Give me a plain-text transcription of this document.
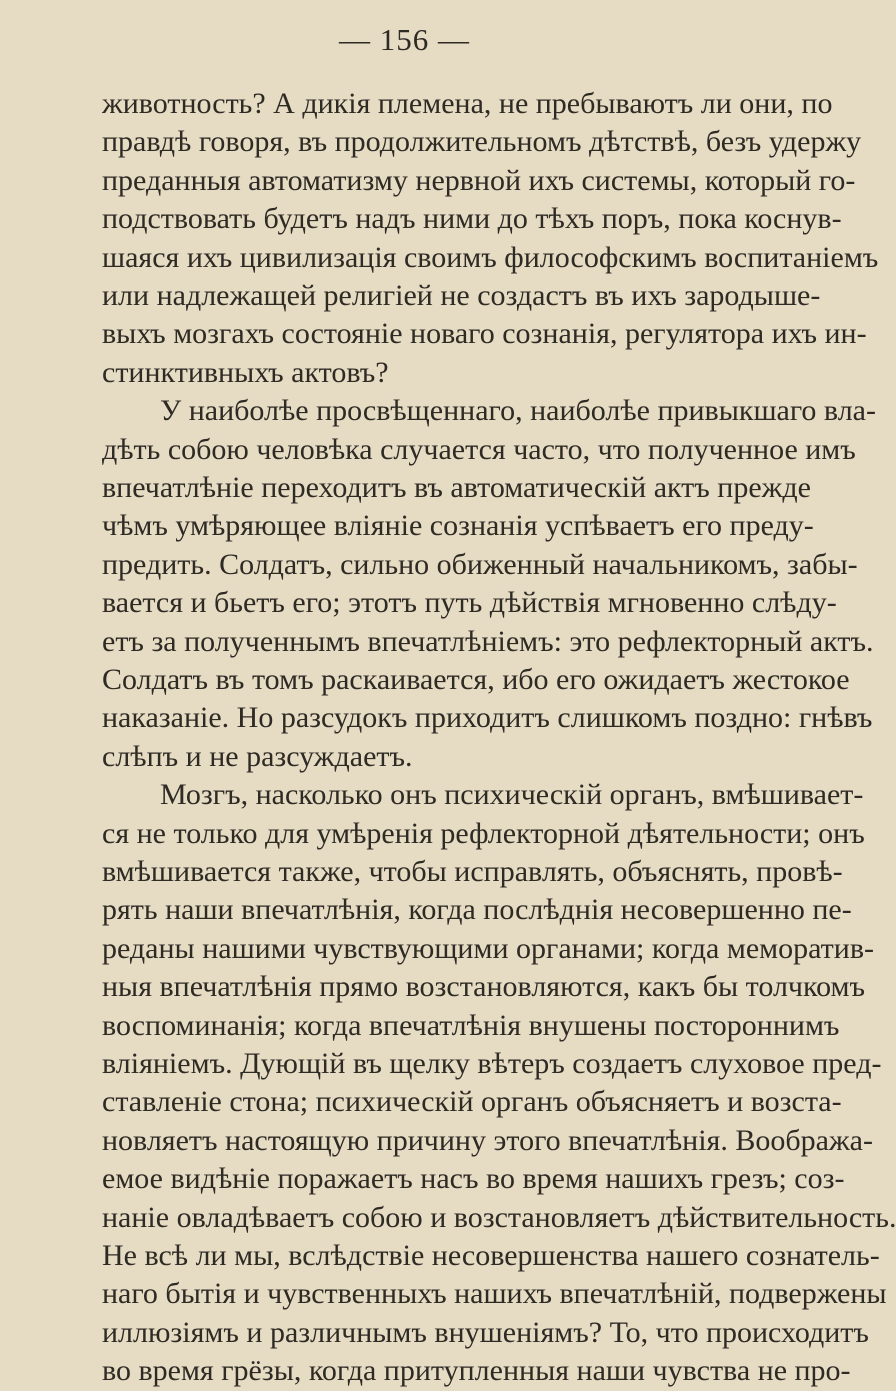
— 156 —
животность? А дикія племена, не пребываютъ ли они, по
правдѣ говоря, въ продолжительномъ дѣтствѣ, безъ удержу
преданныя автоматизму нервной ихъ системы, который го-
подствовать будетъ надъ ними до тѣхъ поръ, пока коснув-
шаяся ихъ цивилизація своимъ философскимъ воспитаніемъ
или надлежащей религіей не создастъ въ ихъ зародыше-
выхъ мозгахъ состояніе новаго сознанія, регулятора ихъ ин-
стинктивныхъ актовъ?
У наиболѣе просвѣщеннаго, наиболѣе привыкшаго вла-
дѣть собою человѣка случается часто, что полученное имъ
впечатлѣніе переходитъ въ автоматическій актъ прежде
чѣмъ умѣряющее вліяніе сознанія успѣваетъ его преду-
предить. Солдатъ, сильно обиженный начальникомъ, забы-
вается и бьетъ его; этотъ путь дѣйствія мгновенно слѣду-
етъ за полученнымъ впечатлѣніемъ: это рефлекторный актъ.
Солдатъ въ томъ раскаивается, ибо его ожидаетъ жестокое
наказаніе. Но разсудокъ приходитъ слишкомъ поздно: гнѣвъ
слѣпъ и не разсуждаетъ.
Мозгъ, насколько онъ психическій органъ, вмѣшивает-
ся не только для умѣренія рефлекторной дѣятельности; онъ
вмѣшивается также, чтобы исправлять, объяснять, провѣ-
рять наши впечатлѣнія, когда послѣднія несовершенно пе-
реданы нашими чувствующими органами; когда меморатив-
ныя впечатлѣнія прямо возстановляются, какъ бы толчкомъ
воспоминанія; когда впечатлѣнія внушены постороннимъ
вліяніемъ. Дующій въ щелку вѣтеръ создаетъ слуховое пред-
ставленіе стона; психическій органъ объясняетъ и возста-
новляетъ настоящую причину этого впечатлѣнія. Вообража-
емое видѣніе поражаетъ насъ во время нашихъ грезъ; соз-
наніе овладѣваетъ собою и возстановляетъ дѣйствительность.
Не всѣ ли мы, вслѣдствіе несовершенства нашего сознатель-
наго бытія и чувственныхъ нашихъ впечатлѣній, подвержены
иллюзіямъ и различнымъ внушеніямъ? То, что происходитъ
во время грёзы, когда притупленныя наши чувства не про-
